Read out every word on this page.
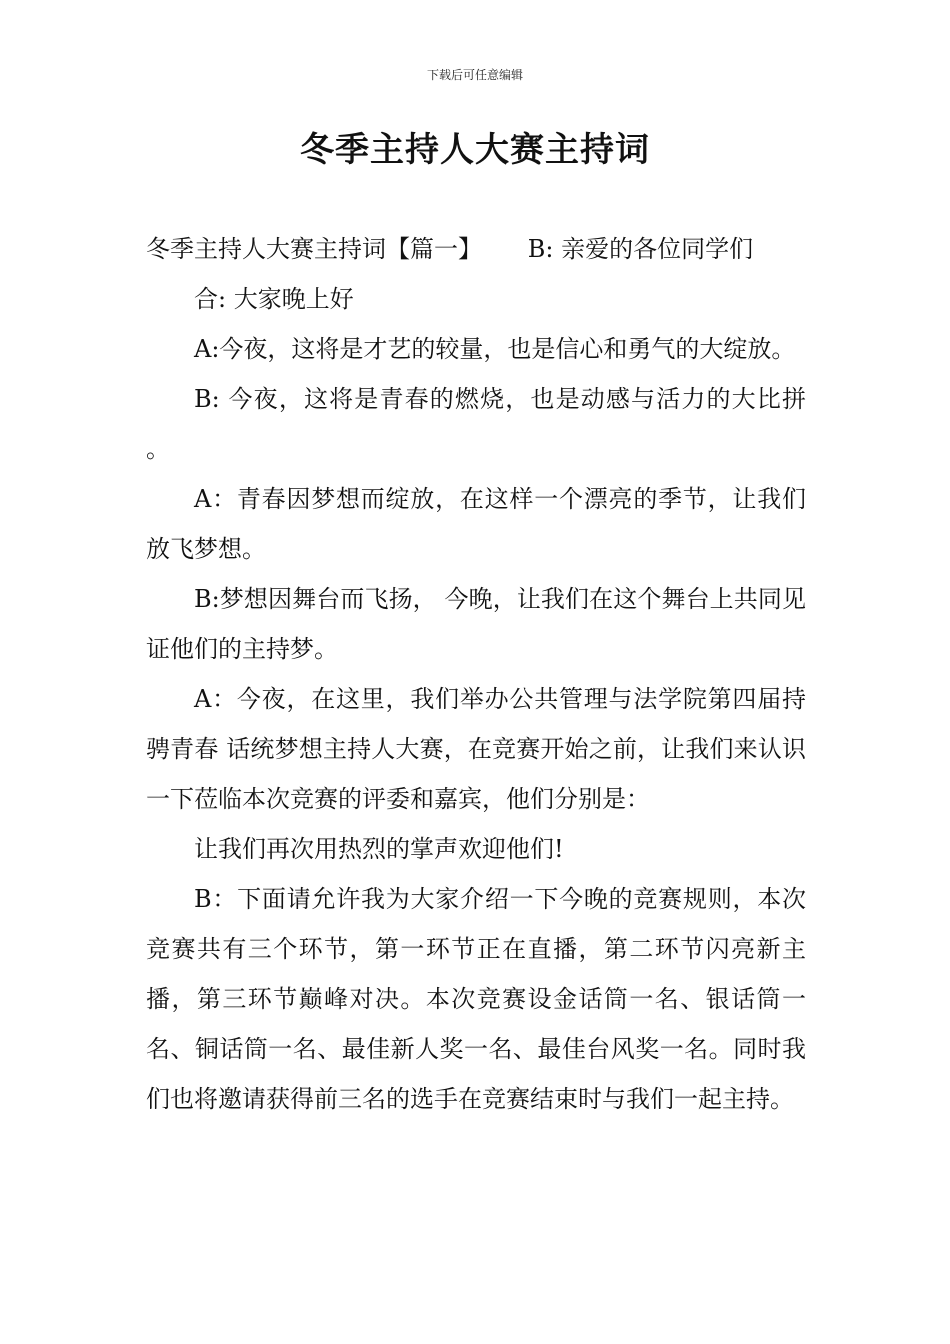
下载后可任意编辑
冬季主持人大赛主持词

冬季主持人大赛主持词【篇一】      B: 亲爱的各位同学们

合: 大家晚上好

A:今夜，这将是才艺的较量，也是信心和勇气的大绽放。

B: 今夜，这将是青春的燃烧，也是动感与活力的大比拼 。

A：青春因梦想而绽放，在这样一个漂亮的季节，让我们放飞梦想。

B:梦想因舞台而飞扬， 今晚，让我们在这个舞台上共同见证他们的主持梦。

A：今夜，在这里，我们举办公共管理与法学院第四届持骋青春 话统梦想主持人大赛，在竞赛开始之前，让我们来认识一下莅临本次竞赛的评委和嘉宾，他们分别是：

让我们再次用热烈的掌声欢迎他们!

B：下面请允许我为大家介绍一下今晚的竞赛规则，本次竞赛共有三个环节，第一环节正在直播，第二环节闪亮新主播，第三环节巅峰对决。本次竞赛设金话筒一名、银话筒一名、铜话筒一名、最佳新人奖一名、最佳台风奖一名。同时我们也将邀请获得前三名的选手在竞赛结束时与我们一起主持。
